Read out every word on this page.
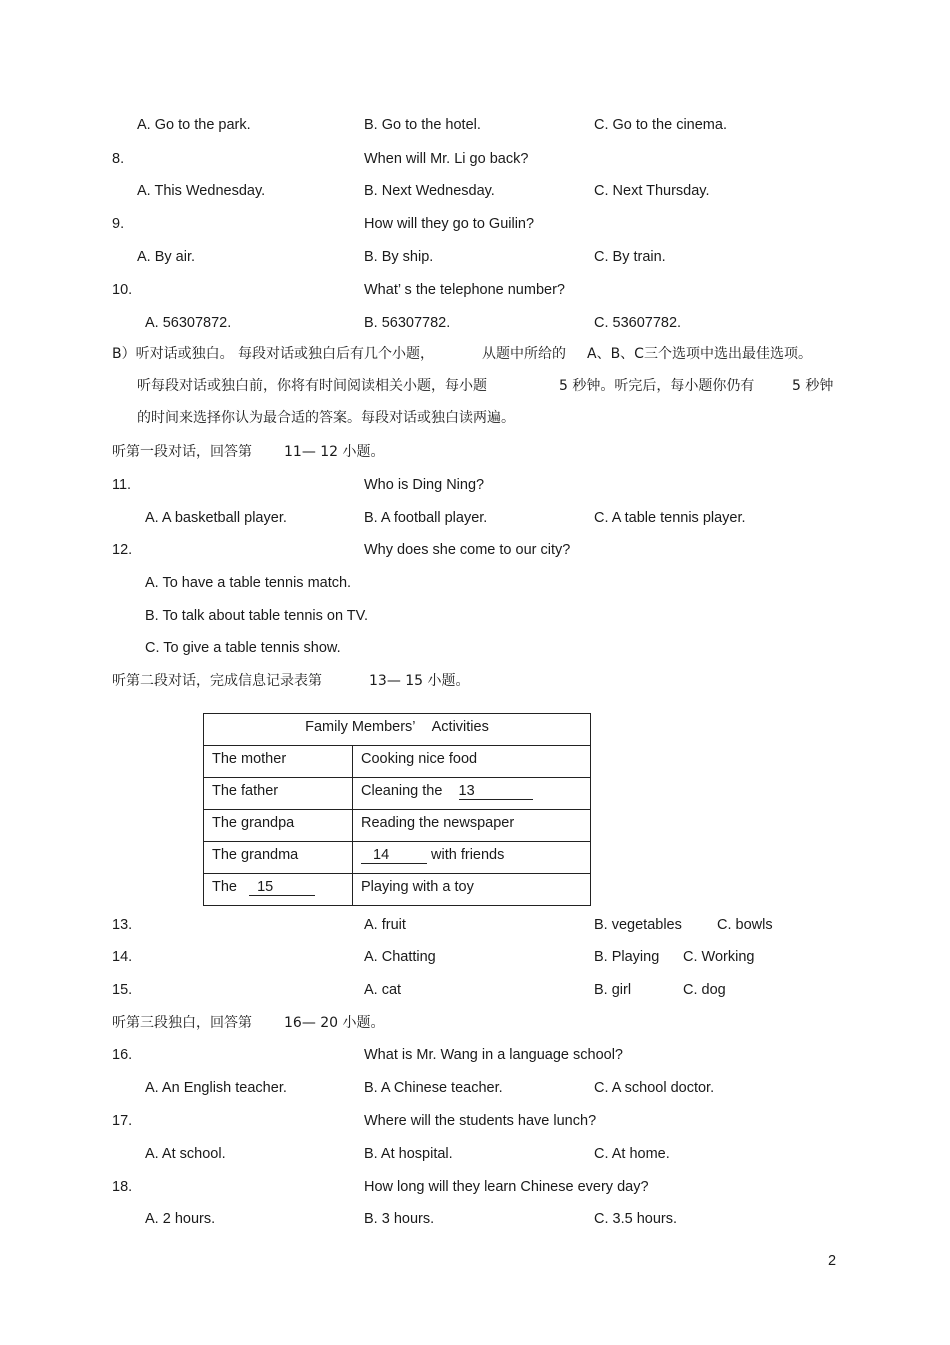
A. Go to the park.	B. Go to the hotel.	C. Go to the cinema.
8.	When will Mr. Li go back?
A. This Wednesday.	B. Next Wednesday.	C. Next Thursday.
9.	How will they go to Guilin?
A. By air.	B. By ship.	C. By train.
10.	What’ s the telephone number?
A. 56307872.	B. 56307782.	C. 53607782.
B）听对话或独白。 每段对话或独白后有几个小题，	从题中所给的 A、B、C三个选项中选出最佳选项。
听每段对话或独白前，你将有时间阅读相关小题，每小题	5 秒钟。听完后，每小题你仍有	5 秒钟
的时间来选择你认为最合适的答案。每段对话或独白读两遍。
听第一段对话，回答第 11— 12 小题。
11.	Who is Ding Ning?
A. A basketball player.	B. A football player.	C. A table tennis player.
12.	Why does she come to our city?
A. To have a table tennis match.
B. To talk about table tennis on TV.
C. To give a table tennis show.
听第二段对话，完成信息记录表第	13— 15 小题。
Family Members’ Activities	
The mother	Cooking nice food
The father	Cleaning the 13
The grandpa	Reading the newspaper
The grandma	14 with friends
The 15	Playing with a toy
13.	A. fruit	B. vegetables C. bowls
14.	A. Chatting	B. Playing C. Working
15.	A. cat	B. girl	C. dog
听第三段独白，回答第 16— 20 小题。
16.	What is Mr. Wang in a language school?
A. An English teacher.	B. A Chinese teacher.	C. A school doctor.
17.	Where will the students have lunch?
A. At school.	B. At hospital.	C. At home.
18.	How long will they learn Chinese every day?
A. 2 hours.	B. 3 hours.	C. 3.5 hours.
2
